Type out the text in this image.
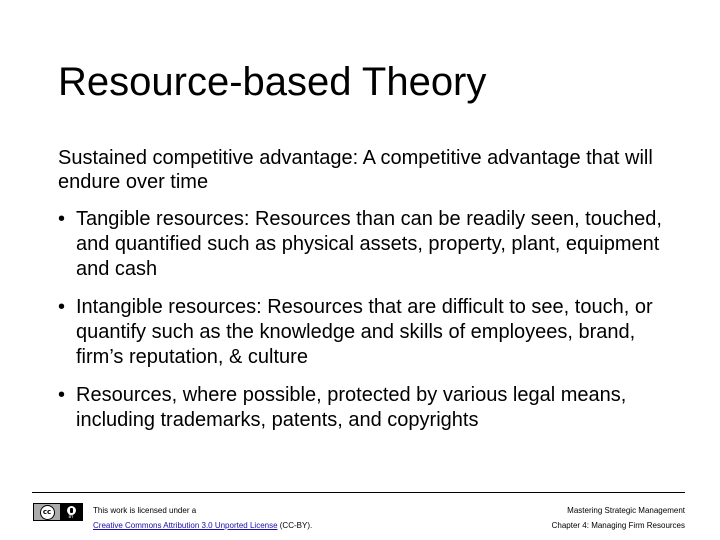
Resource-based Theory
Sustained competitive advantage: A competitive advantage that will endure over time
• Tangible resources: Resources than can be readily seen, touched, and quantified such as physical assets, property, plant, equipment and cash
• Intangible resources: Resources that are difficult to see, touch, or quantify such as the knowledge and skills of employees, brand, firm’s reputation, & culture
• Resources, where possible, protected by various legal means, including trademarks, patents, and copyrights
cc
BY
This work is licensed under a
Creative Commons Attribution 3.0 Unported License (CC-BY).
Mastering Strategic Management
Chapter 4: Managing Firm Resources
